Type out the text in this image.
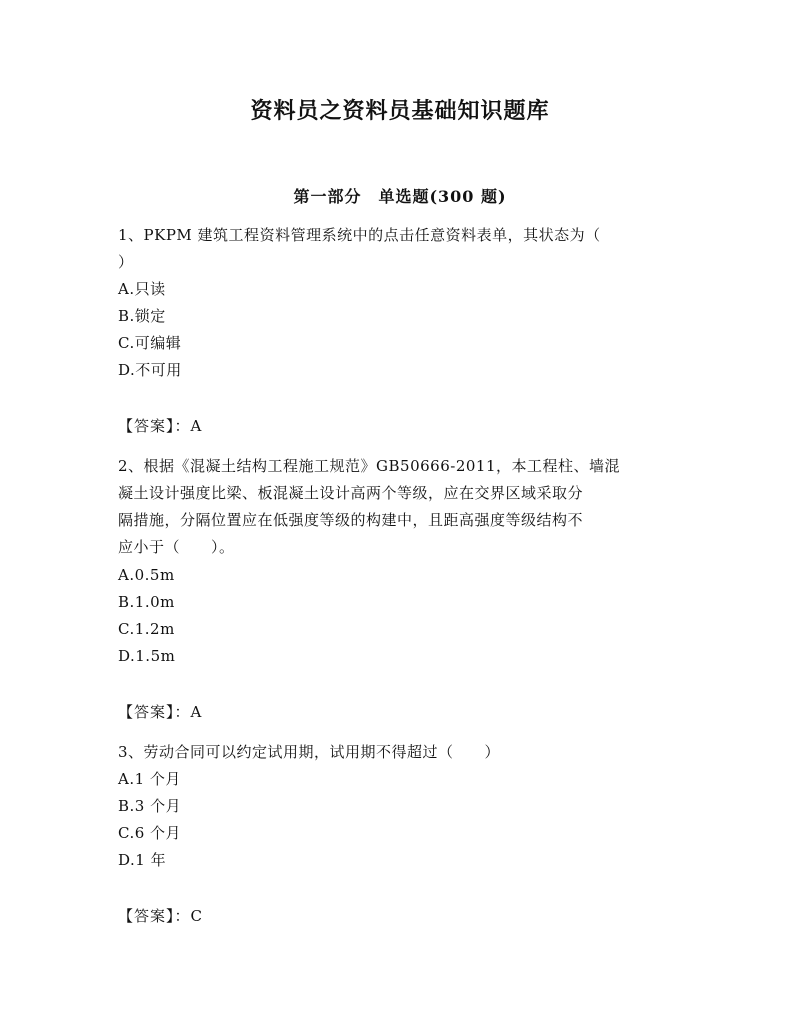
资料员之资料员基础知识题库
第一部分　单选题(300 题)
1、PKPM 建筑工程资料管理系统中的点击任意资料表单，其状态为（
）
A.只读
B.锁定
C.可编辑
D.不可用
【答案】：A
2、根据《混凝土结构工程施工规范》GB50666-2011，本工程柱、墙混
凝土设计强度比梁、板混凝土设计高两个等级，应在交界区域采取分
隔措施，分隔位置应在低强度等级的构建中，且距高强度等级结构不
应小于（　　）。
A.0.5m
B.1.0m
C.1.2m
D.1.5m
【答案】：A
3、劳动合同可以约定试用期，试用期不得超过（　　）
A.1 个月
B.3 个月
C.6 个月
D.1 年
【答案】：C
